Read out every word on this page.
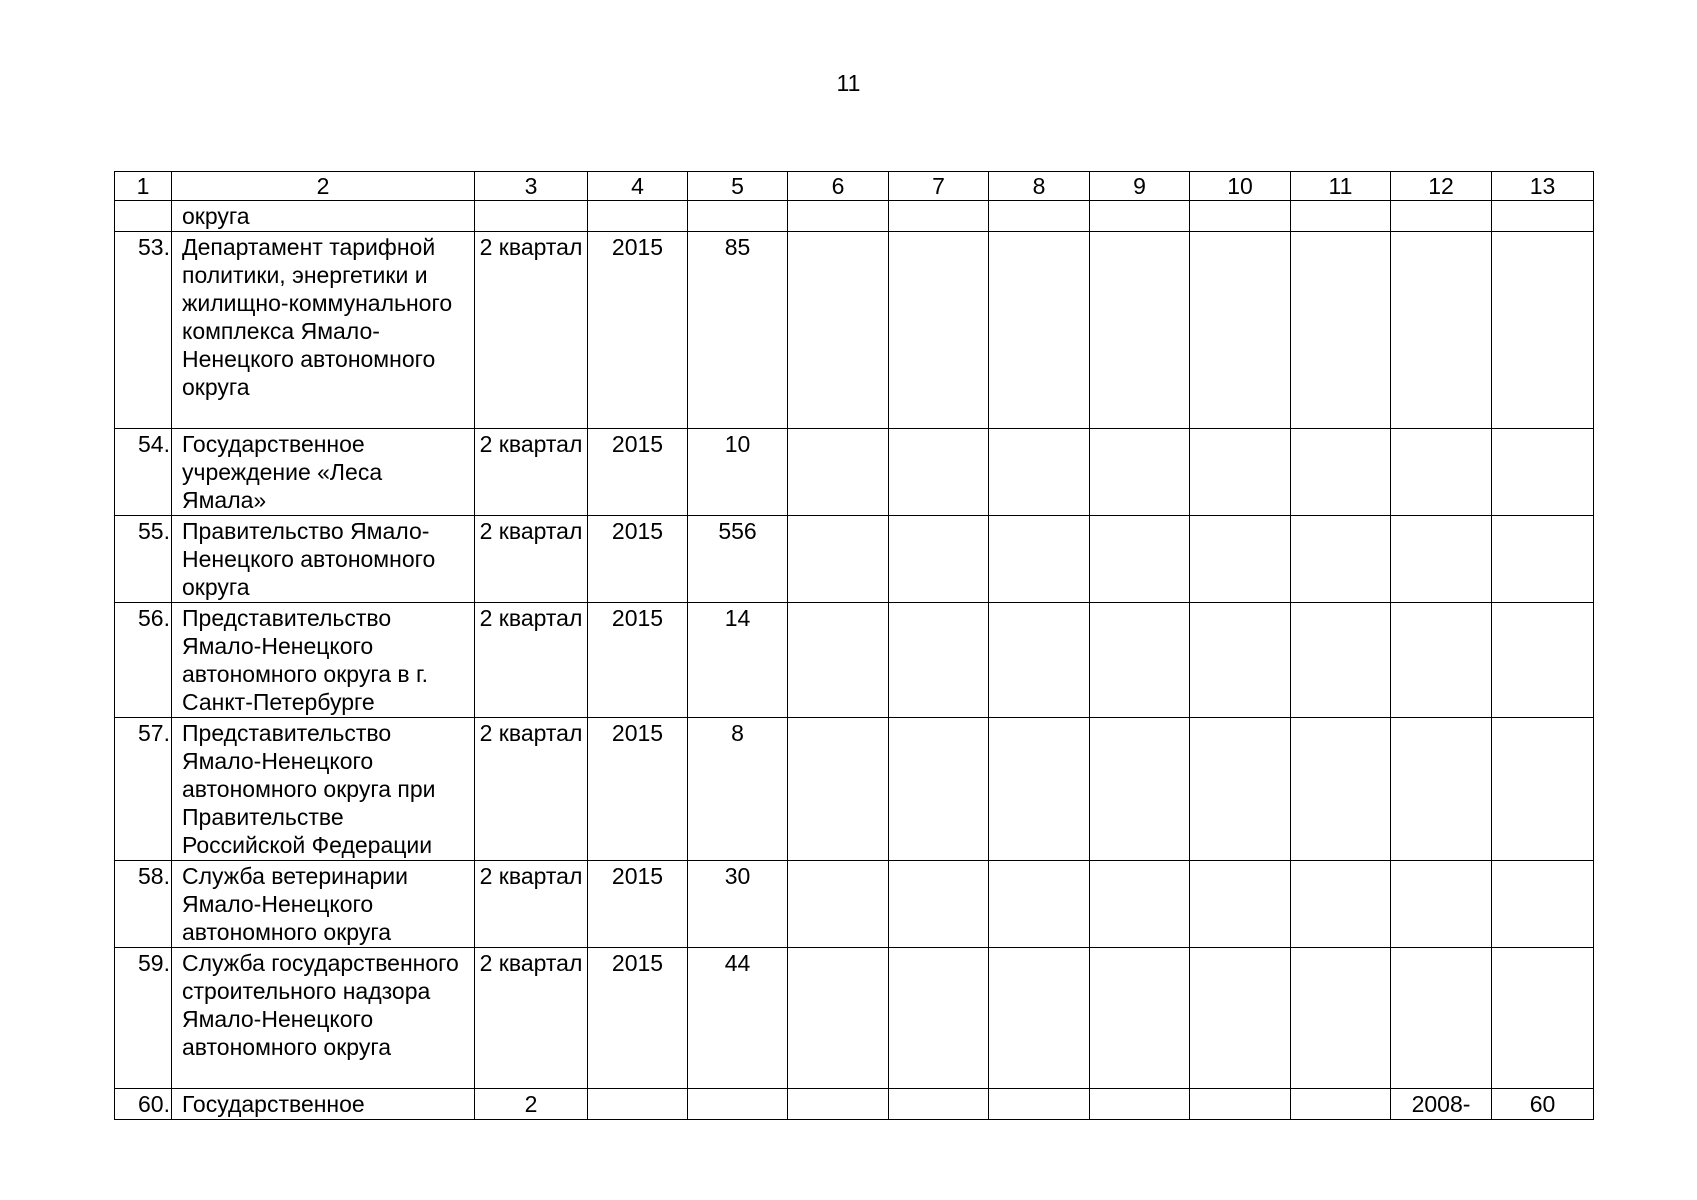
11
1	2	3	4	5	6	7	8	9	10	11	12	13
	округа											
53.	Департамент тарифной политики, энергетики и жилищно-коммунального комплекса Ямало-Ненецкого автономного округа	2 квартал	2015	85								
54.	Государственное учреждение «Леса Ямала»	2 квартал	2015	10								
55.	Правительство Ямало-Ненецкого автономного округа	2 квартал	2015	556								
56.	Представительство Ямало-Ненецкого автономного округа в г. Санкт-Петербурге	2 квартал	2015	14								
57.	Представительство Ямало-Ненецкого автономного округа при Правительстве Российской Федерации	2 квартал	2015	8								
58.	Служба ветеринарии Ямало-Ненецкого автономного округа	2 квартал	2015	30								
59.	Служба государственного строительного надзора Ямало-Ненецкого автономного округа	2 квартал	2015	44								
60.	Государственное	2									2008-	60
